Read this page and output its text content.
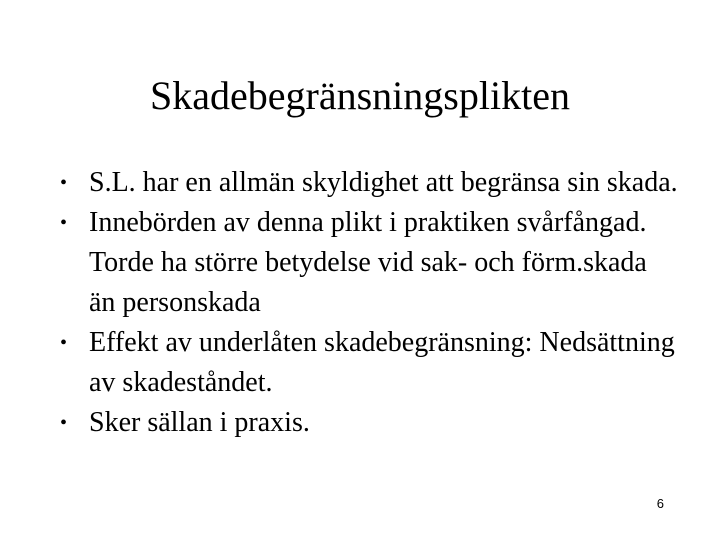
Skadebegränsningsplikten
• S.L. har en allmän skyldighet att begränsa sin skada.
• Innebörden av denna plikt i praktiken svårfångad. Torde ha större betydelse vid sak- och förm.skada än personskada
• Effekt av underlåten skadebegränsning: Nedsättning av skadeståndet.
• Sker sällan i praxis.
6
